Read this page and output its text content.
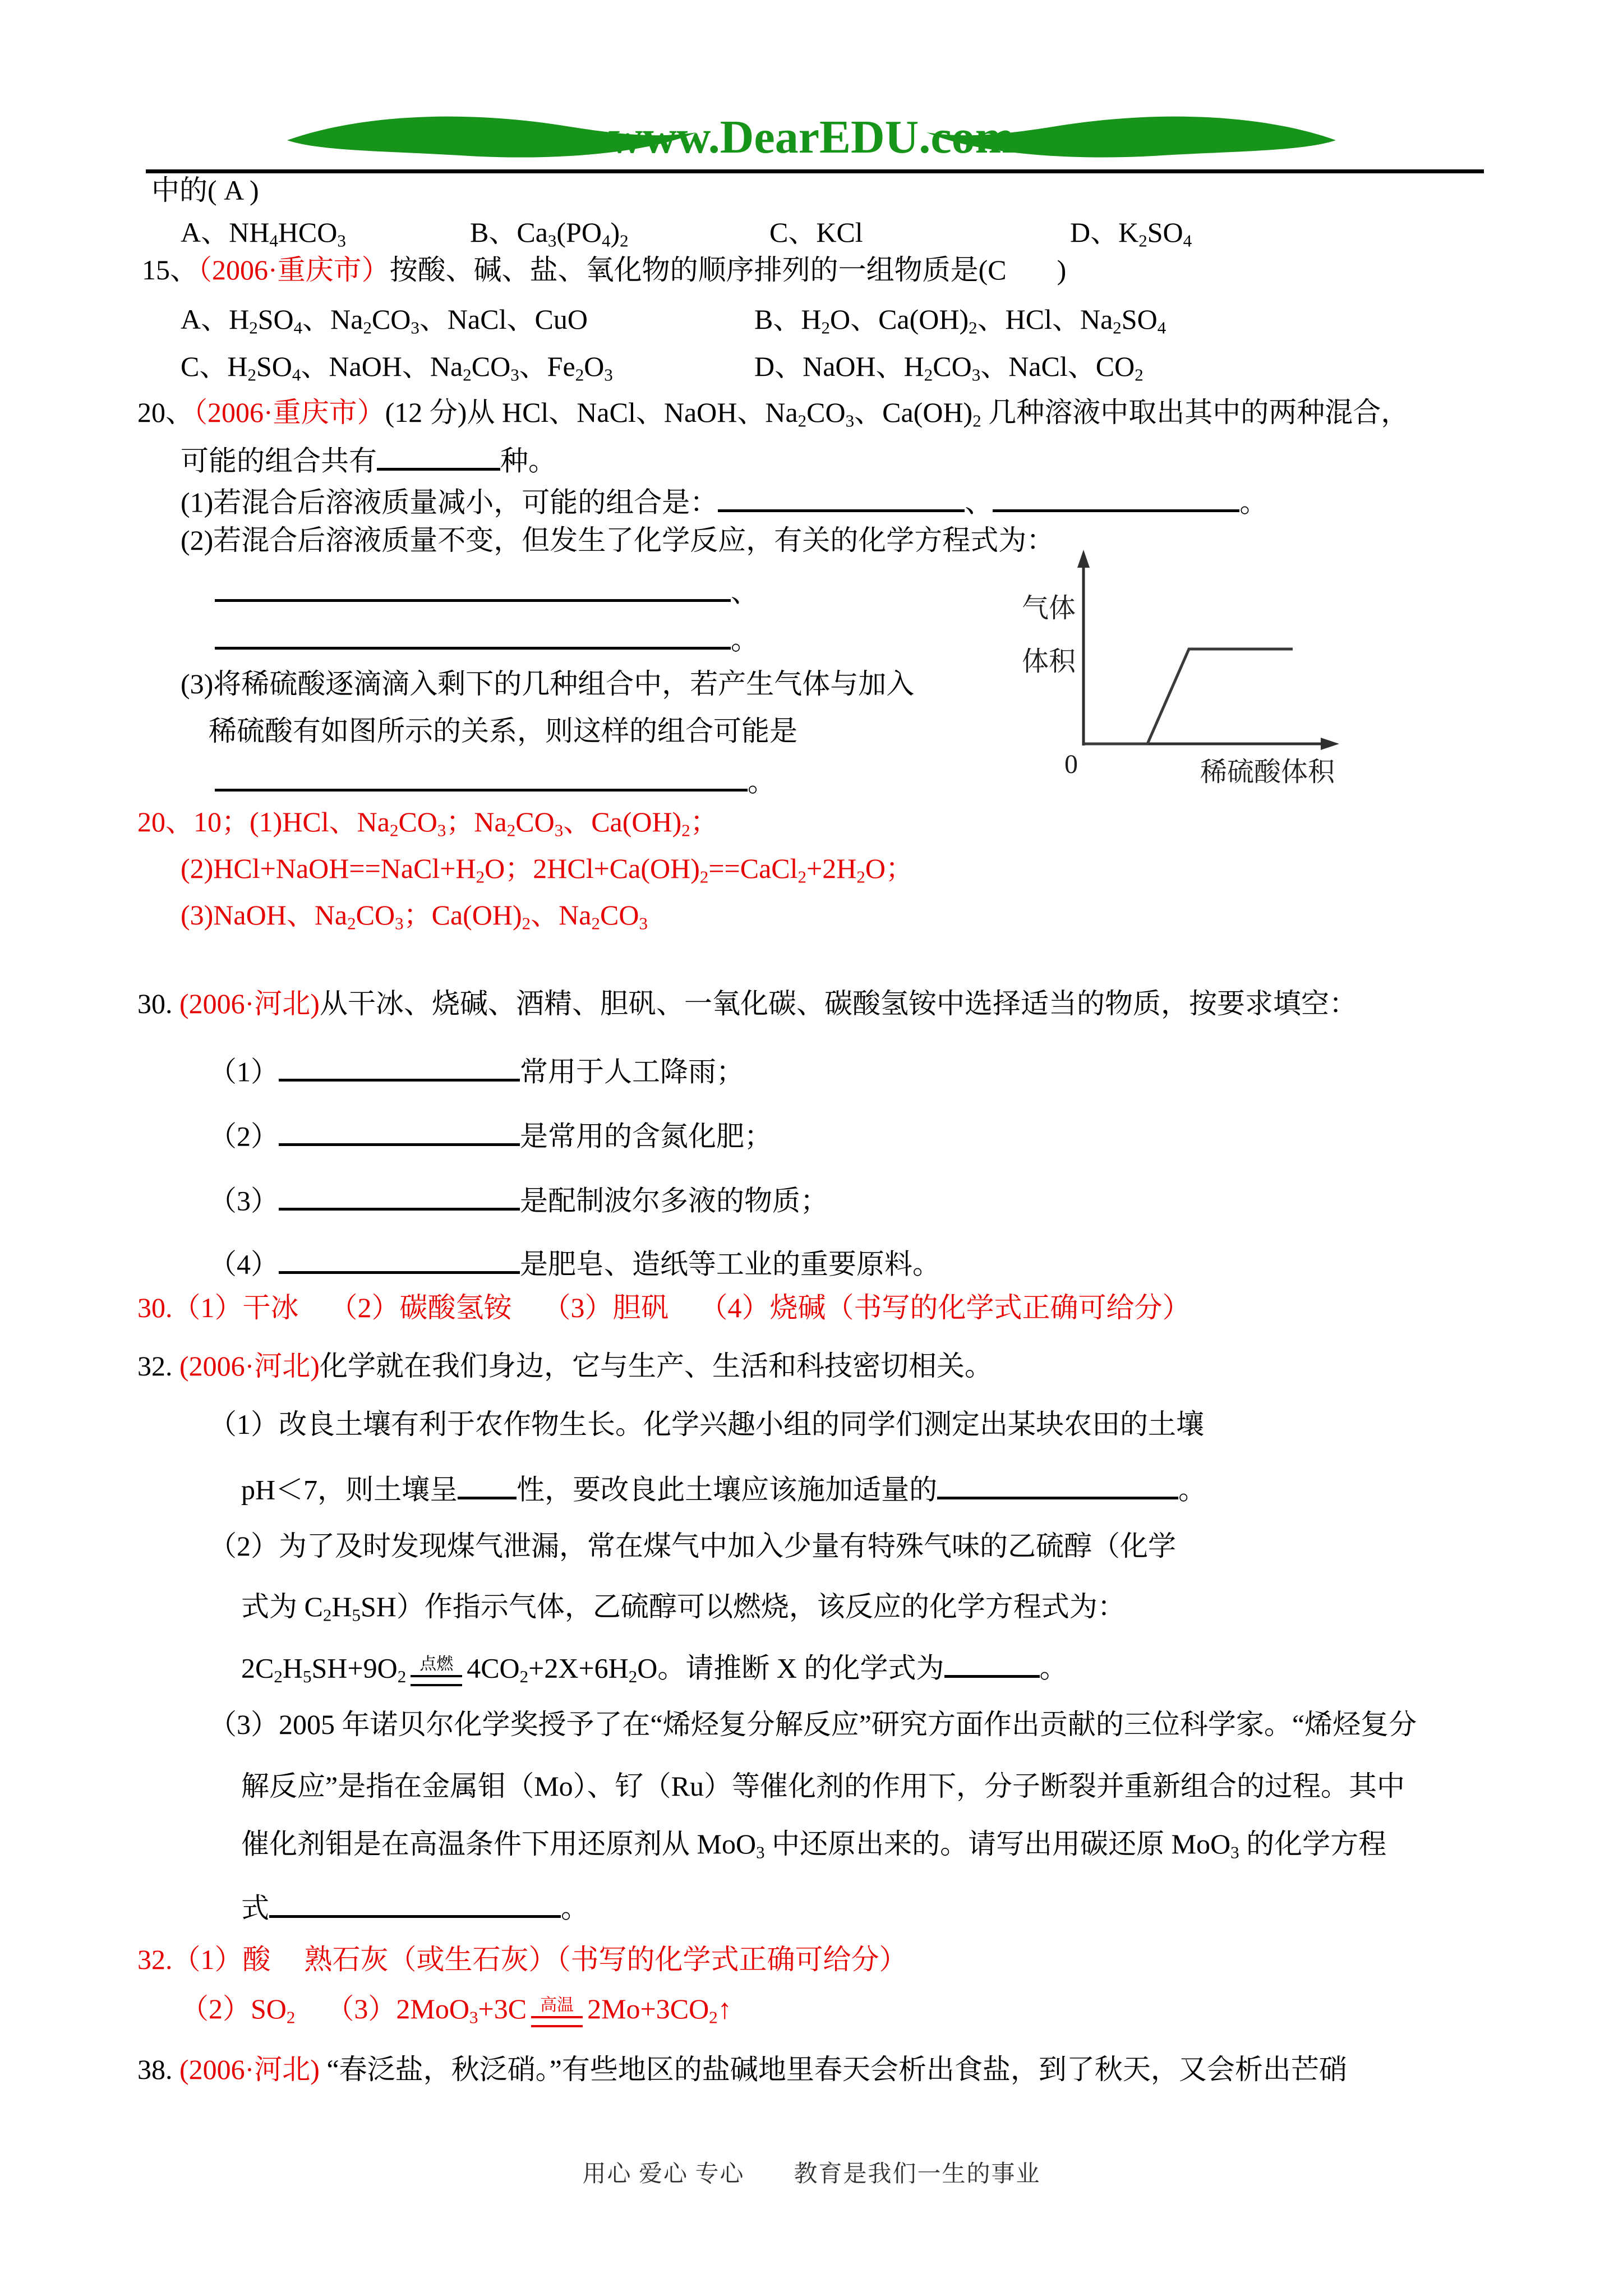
www.DearEDU.com
中的( A )
A、NH4HCO3	B、Ca3(PO4)2	C、KCl	D、K2SO4
15、（2006·重庆市）按酸、碱、盐、氧化物的顺序排列的一组物质是(C )
A、H2SO4、Na2CO3、NaCl、CuO	B、H2O、Ca(OH)2、HCl、Na2SO4
C、H2SO4、NaOH、Na2CO3、Fe2O3	D、NaOH、H2CO3、NaCl、CO2
20、（2006·重庆市）(12 分)从 HCl、NaCl、NaOH、Na2CO3、Ca(OH)2 几种溶液中取出其中的两种混合，
可能的组合共有	种。
(1)若混合后溶液质量减小，可能的组合是：	、	。
(2)若混合后溶液质量不变，但发生了化学反应，有关的化学方程式为：
、
。
(3)将稀硫酸逐滴滴入剩下的几种组合中，若产生气体与加入
稀硫酸有如图所示的关系，则这样的组合可能是
。
20、10；(1)HCl、Na2CO3；Na2CO3、Ca(OH)2；
(2)HCl+NaOH==NaCl+H2O；2HCl+Ca(OH)2==CaCl2+2H2O；
(3)NaOH、Na2CO3；Ca(OH)2、Na2CO3
30. (2006·河北)从干冰、烧碱、酒精、胆矾、一氧化碳、碳酸氢铵中选择适当的物质，按要求填空：
（1）	常用于人工降雨；
（2）	是常用的含氮化肥；
（3）	是配制波尔多液的物质；
（4）	是肥皂、造纸等工业的重要原料。
30.（1）干冰 （2）碳酸氢铵 （3）胆矾 （4）烧碱（书写的化学式正确可给分）
32. (2006·河北)化学就在我们身边，它与生产、生活和科技密切相关。
（1）改良土壤有利于农作物生长。化学兴趣小组的同学们测定出某块农田的土壤
pH＜7，则土壤呈 性，要改良此土壤应该施加适量的	。
（2）为了及时发现煤气泄漏，常在煤气中加入少量有特殊气味的乙硫醇（化学
式为 C2H5SH）作指示气体，乙硫醇可以燃烧，该反应的化学方程式为：
2C2H5SH+9O2
点燃 4CO2+2X+6H2O。请推断 X 的化学式为	。
（3）2005 年诺贝尔化学奖授予了在“烯烃复分解反应”研究方面作出贡献的三位科学家。“烯烃复分
解反应”是指在金属钼（Mo）、钌（Ru）等催化剂的作用下，分子断裂并重新组合的过程。其中
催化剂钼是在高温条件下用还原剂从 MoO3 中还原出来的。请写出用碳还原 MoO3 的化学方程
式	。
32.（1）酸 熟石灰（或生石灰）（书写的化学式正确可给分）
（2）SO2 （3）2MoO3+3C 高温 2Mo+3CO2↑
38. (2006·河北) “春泛盐，秋泛硝。”有些地区的盐碱地里春天会析出食盐，到了秋天，又会析出芒硝
气体
体积
0	稀硫酸体积
用心 爱心 专心　　教育是我们一生的事业
